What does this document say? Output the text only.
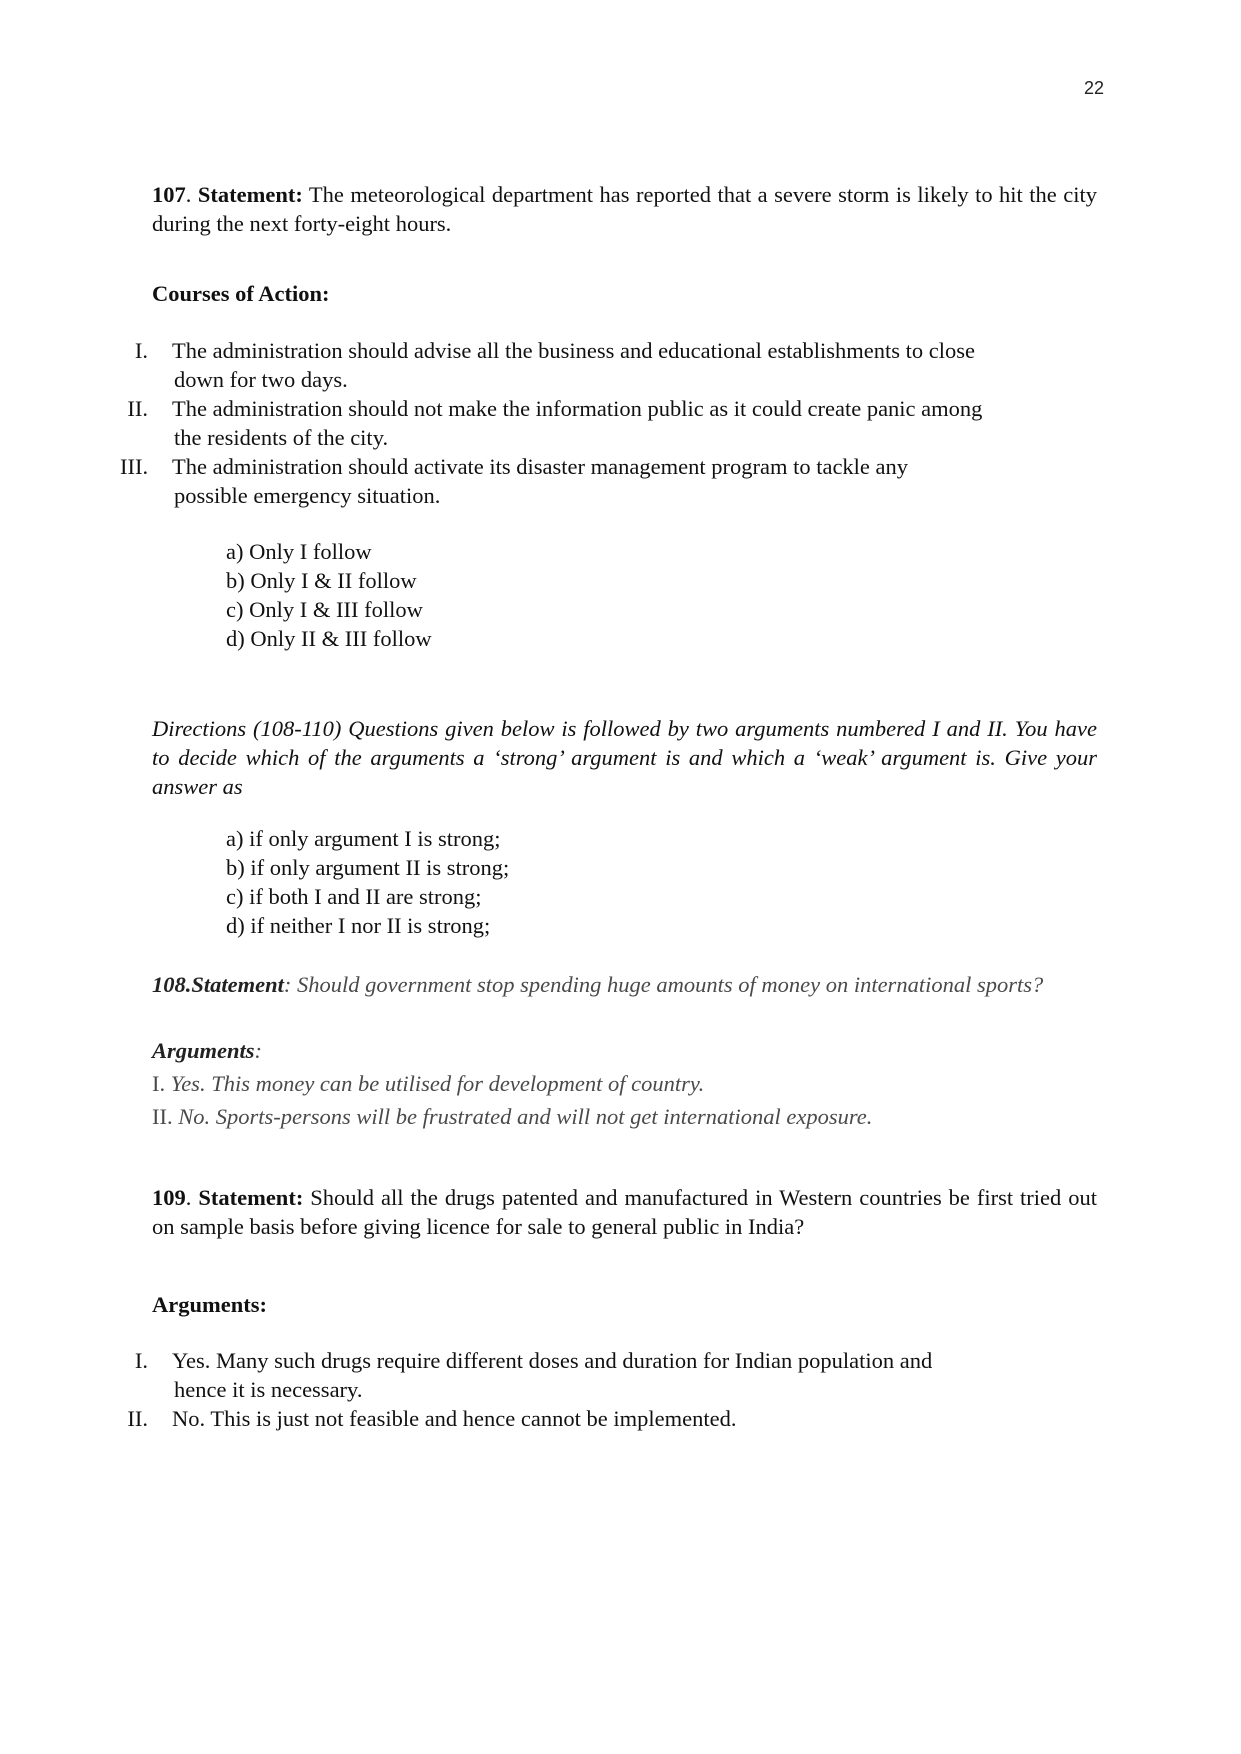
22
107. Statement: The meteorological department has reported that a severe storm is likely to hit the city during the next forty-eight hours.
Courses of Action:
I.	The administration should advise all the business and educational establishments to close
down for two days.
II.	The administration should not make the information public as it could create panic among
the residents of the city.
III.	The administration should activate its disaster management program to tackle any
possible emergency situation.
a) Only I follow
b) Only I & II follow
c) Only I & III follow
d) Only II & III follow
Directions (108-110) Questions given below is followed by two arguments numbered I and II. You have to decide which of the arguments a ‘strong’ argument is and which a ‘weak’ argument is. Give your answer as
a) if only argument I is strong;
b) if only argument II is strong;
c) if both I and II are strong;
d) if neither I nor II is strong;
108.Statement: Should government stop spending huge amounts of money on international sports?
Arguments:
I. Yes. This money can be utilised for development of country.
II. No. Sports-persons will be frustrated and will not get international exposure.
109. Statement: Should all the drugs patented and manufactured in Western countries be first tried out on sample basis before giving licence for sale to general public in India?
Arguments:
I.	Yes. Many such drugs require different doses and duration for Indian population and
hence it is necessary.
II.	No. This is just not feasible and hence cannot be implemented.
